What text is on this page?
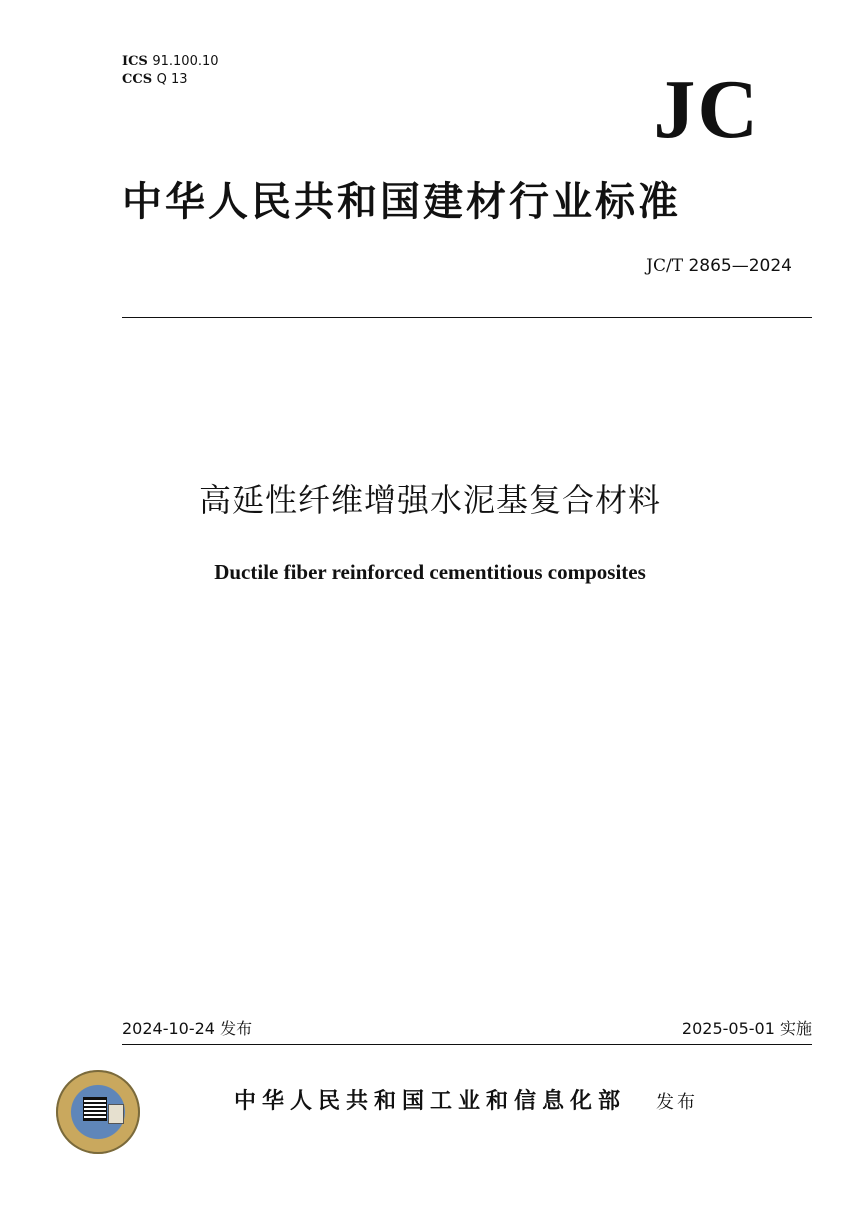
ICS 91.100.10
CCS Q 13	JC
中华人民共和国建材行业标准
JC/T 2865—2024
高延性纤维增强水泥基复合材料
Ductile fiber reinforced cementitious composites
2024-10-24 发布	2025-05-01 实施
中华人民共和国工业和信息化部 发布
